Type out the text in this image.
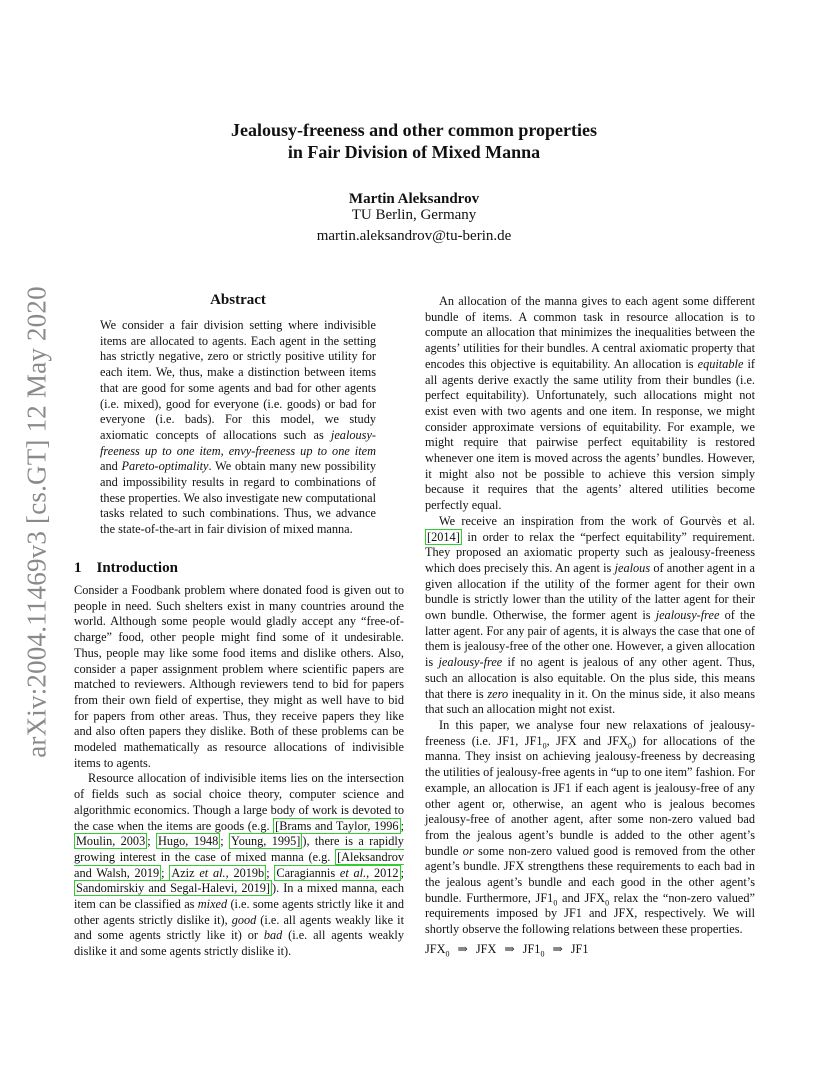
arXiv:2004.11469v3 [cs.GT] 12 May 2020
Jealousy-freeness and other common properties
in Fair Division of Mixed Manna
Martin Aleksandrov
TU Berlin, Germany
martin.aleksandrov@tu-berin.de
Abstract

We consider a fair division setting where indivisible items are allocated to agents. Each agent in the setting has strictly negative, zero or strictly positive utility for each item. We, thus, make a distinction between items that are good for some agents and bad for other agents (i.e. mixed), good for everyone (i.e. goods) or bad for everyone (i.e. bads). For this model, we study axiomatic concepts of allocations such as jealousy-freeness up to one item, envy-freeness up to one item and Pareto-optimality. We obtain many new possibility and impossibility results in regard to combinations of these properties. We also investigate new computational tasks related to such combinations. Thus, we advance the state-of-the-art in fair division of mixed manna.

1    Introduction

Consider a Foodbank problem where donated food is given out to people in need. Such shelters exist in many countries around the world. Although some people would gladly accept any “free-of-charge” food, other people might find some of it undesirable. Thus, people may like some food items and dislike others. Also, consider a paper assignment problem where scientific papers are matched to reviewers. Although reviewers tend to bid for papers from their own field of expertise, they might as well have to bid for papers from other areas. Thus, they receive papers they like and also often papers they dislike. Both of these problems can be modeled mathematically as resource allocations of indivisible items to agents.

Resource allocation of indivisible items lies on the intersection of fields such as social choice theory, computer science and algorithmic economics. Though a large body of work is devoted to the case when the items are goods (e.g. [Brams and Taylor, 1996 ; Moulin, 2003 ; Hugo, 1948 ; Young, 1995] ), there is a rapidly growing interest in the case of mixed manna (e.g. [Aleksandrov and Walsh, 2019 ; Aziz et al., 2019b ; Caragiannis et al., 2012 ; Sandomirskiy and Segal-Halevi, 2019] ). In a mixed manna, each item can be classified as mixed (i.e. some agents strictly like it and other agents strictly dislike it), good (i.e. all agents weakly like it and some agents strictly like it) or bad (i.e. all agents weakly dislike it and some agents strictly dislike it).

An allocation of the manna gives to each agent some different bundle of items. A common task in resource allocation is to compute an allocation that minimizes the inequalities between the agents’ utilities for their bundles. A central axiomatic property that encodes this objective is equitability. An allocation is equitable if all agents derive exactly the same utility from their bundles (i.e. perfect equitability). Unfortunately, such allocations might not exist even with two agents and one item. In response, we might consider approximate versions of equitability. For example, we might require that pairwise perfect equitability is restored whenever one item is moved across the agents’ bundles. However, it might also not be possible to achieve this version simply because it requires that the agents’ altered utilities become perfectly equal.

We receive an inspiration from the work of Gourvès et al. [2014] in order to relax the “perfect equitability” requirement. They proposed an axiomatic property such as jealousy-freeness which does precisely this. An agent is jealous of another agent in a given allocation if the utility of the former agent for their own bundle is strictly lower than the utility of the latter agent for their own bundle. Otherwise, the former agent is jealousy-free of the latter agent. For any pair of agents, it is always the case that one of them is jealousy-free of the other one. However, a given allocation is jealousy-free if no agent is jealous of any other agent. Thus, such an allocation is also equitable. On the plus side, this means that there is zero inequality in it. On the minus side, it also means that such an allocation might not exist.

In this paper, we analyse four new relaxations of jealousy-freeness (i.e. JF1, $JF1_0$, JFX and $JFX_0$) for allocations of the manna. They insist on achieving jealousy-freeness by decreasing the utilities of jealousy-free agents in “up to one item” fashion. For example, an allocation is JF1 if each agent is jealousy-free of any other agent or, otherwise, an agent who is jealous becomes jealousy-free of another agent, after some non-zero valued bad from the jealous agent’s bundle is added to the other agent’s bundle or some non-zero valued good is removed from the other agent’s bundle. JFX strengthens these requirements to each bad in the jealous agent’s bundle and each good in the other agent’s bundle. Furthermore, $JF1_0$ and $JFX_0$ relax the “non-zero valued” requirements imposed by JF1 and JFX, respectively. We will shortly observe the following relations between these properties.

$JFX_0$ ⇒ JFX ⇒ $JF1_0$ ⇒ JF1
